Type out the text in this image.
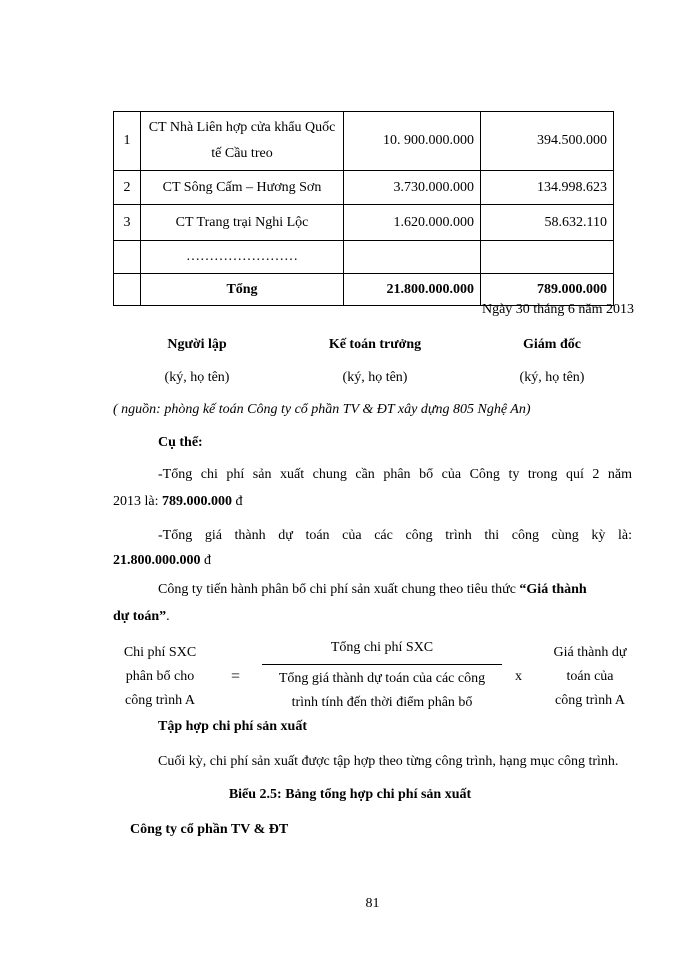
1	CT Nhà Liên hợp cửa khẩu Quốc tế Cầu treo	10. 900.000.000	394.500.000
2	CT Sông Cấm – Hương Sơn	3.730.000.000	134.998.623
3	CT Trang trại Nghi Lộc	1.620.000.000	58.632.110
	……………………		
	Tổng	21.800.000.000	789.000.000
Ngày 30 tháng 6 năm 2013
Người lập	Kế toán trưởng	Giám đốc
(ký, họ tên)	(ký, họ tên)	(ký, họ tên)
( nguồn: phòng kế toán Công ty cổ phần TV & ĐT xây dựng 805 Nghệ An)
Cụ thể:
-Tổng chi phí sản xuất chung cần phân bổ của Công ty trong quí 2 năm
2013 là: 789.000.000 đ
-Tổng giá thành dự toán của các công trình thi công cùng kỳ là:
21.800.000.000 đ
Công ty tiến hành phân bổ chi phí sản xuất chung theo tiêu thức “Giá thành
dự toán”.
Chi phí SXC
phân bổ cho
công trình A
=
Tổng chi phí SXC
Tổng giá thành dự toán của các công
trình tính đến thời điểm phân bổ
x
Giá thành dự
toán của
công trình A
Tập hợp chi phí sản xuất
Cuối kỳ, chi phí sản xuất được tập hợp theo từng công trình, hạng mục công trình.
Biểu 2.5: Bảng tổng hợp chi phí sản xuất
Công ty cổ phần TV & ĐT
81
